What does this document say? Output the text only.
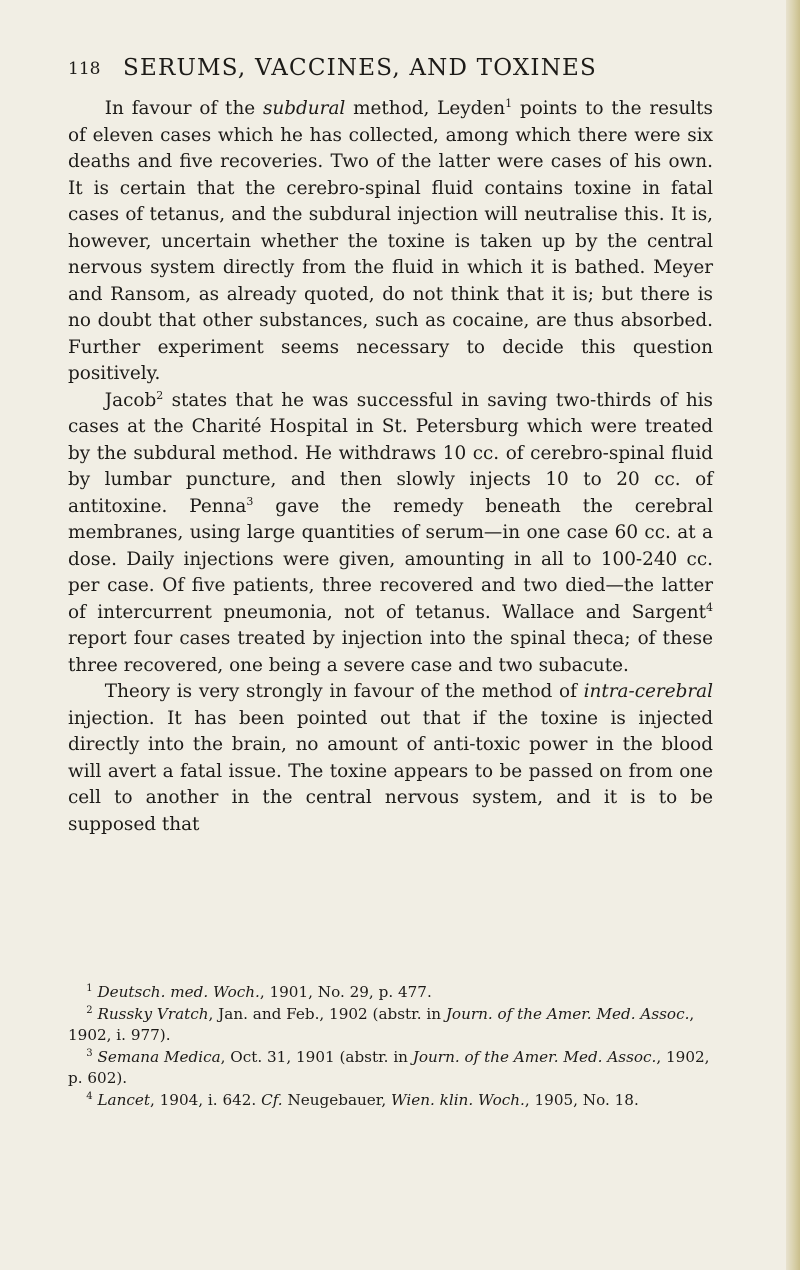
118 SERUMS, VACCINES, AND TOXINES

In favour of the subdural method, Leyden$^1$ points to the results of eleven cases which he has collected, among which there were six deaths and five recoveries. Two of the latter were cases of his own. It is certain that the cerebro-spinal fluid contains toxine in fatal cases of tetanus, and the subdural injection will neutralise this. It is, however, uncertain whether the toxine is taken up by the central nervous system directly from the fluid in which it is bathed. Meyer and Ransom, as already quoted, do not think that it is; but there is no doubt that other substances, such as cocaine, are thus absorbed. Further experiment seems necessary to decide this question positively.

Jacob$^2$ states that he was successful in saving two-thirds of his cases at the Charité Hospital in St. Petersburg which were treated by the subdural method. He withdraws 10 cc. of cerebro-spinal fluid by lumbar puncture, and then slowly injects 10 to 20 cc. of antitoxine. Penna$^3$ gave the remedy beneath the cerebral membranes, using large quantities of serum—in one case 60 cc. at a dose. Daily injections were given, amounting in all to 100-240 cc. per case. Of five patients, three recovered and two died—the latter of intercurrent pneumonia, not of tetanus. Wallace and Sargent$^4$ report four cases treated by injection into the spinal theca; of these three recovered, one being a severe case and two subacute.

Theory is very strongly in favour of the method of intra-cerebral injection. It has been pointed out that if the toxine is injected directly into the brain, no amount of anti-toxic power in the blood will avert a fatal issue. The toxine appears to be passed on from one cell to another in the central nervous system, and it is to be supposed that

$^1$ Deutsch. med. Woch., 1901, No. 29, p. 477.

$^2$ Russky Vratch, Jan. and Feb., 1902 (abstr. in Journ. of the Amer. Med. Assoc., 1902, i. 977).

$^3$ Semana Medica, Oct. 31, 1901 (abstr. in Journ. of the Amer. Med. Assoc., 1902, p. 602).

$^4$ Lancet, 1904, i. 642. Cf. Neugebauer, Wien. klin. Woch., 1905, No. 18.
